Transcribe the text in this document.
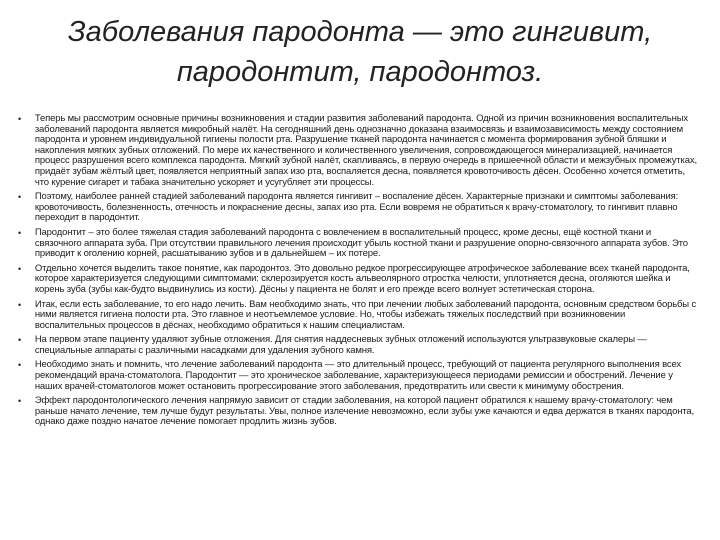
Заболевания пародонта — это гингивит, пародонтит, пародонтоз.
• Теперь мы рассмотрим основные причины возникновения и стадии развития заболеваний пародонта. Одной из причин возникновения воспалительных заболеваний пародонта является микробный налёт. На сегодняшний день однозначно доказана взаимосвязь и взаимозависимость между состоянием пародонта и уровнем индивидуальной гигиены полости рта. Разрушение тканей пародонта начинается с момента формирования зубной бляшки и накопления мягких зубных отложений. По мере их качественного и количественного увеличения, сопровождающегося минерализацией, начинается процесс разрушения всего комплекса пародонта. Мягкий зубной налёт, скапливаясь, в первую очередь в пришеечной области и межзубных промежутках, придаёт зубам жёлтый цвет, появляется неприятный запах изо рта, воспаляется десна, появляется кровоточивость дёсен. Особенно хочется отметить, что курение сигарет и табака значительно ускоряет и усугубляет эти процессы.
• Поэтому, наиболее ранней стадией заболеваний пародонта является гингивит – воспаление дёсен. Характерные признаки и симптомы заболевания: кровоточивость, болезненность, отечность и покраснение десны, запах изо рта. Если вовремя не обратиться к врачу-стоматологу, то гингивит плавно переходит в пародонтит.
• Пародонтит – это более тяжелая стадия заболеваний пародонта с вовлечением в воспалительный процесс, кроме десны, ещё костной ткани и связочного аппарата зуба. При отсутствии правильного лечения происходит убыль костной ткани и разрушение опорно-связочного аппарата зубов. Это приводит к оголению корней, расшатыванию зубов и в дальнейшем – их потере.
• Отдельно хочется выделить такое понятие, как пародонтоз. Это довольно редкое прогрессирующее атрофическое заболевание всех тканей пародонта, которое характеризуется следующими симптомами: склерозируется кость альвеолярного отростка челюсти, уплотняется десна, оголяются шейка и корень зуба (зубы как-будто выдвинулись из кости). Дёсны у пациента не болят и его прежде всего волнует эстетическая сторона.
• Итак, если есть заболевание, то его надо лечить. Вам необходимо знать, что при лечении любых заболеваний пародонта, основным средством борьбы с ними является гигиена полости рта. Это главное и неотъемлемое условие. Но, чтобы избежать тяжелых последствий при возникновении воспалительных процессов в дёснах, необходимо обратиться к нашим специалистам.
• На первом этапе пациенту удаляют зубные отложения. Для снятия наддесневых зубных отложений используются ультразвуковые скалеры — специальные аппараты с различными насадками для удаления зубного камня.
• Необходимо знать и помнить, что лечение заболеваний пародонта — это длительный процесс, требующий от пациента регулярного выполнения всех рекомендаций врача-стоматолога. Пародонтит — это хроническое заболевание, характеризующееся периодами ремиссии и обострений. Лечение у наших врачей-стоматологов может остановить прогрессирование этого заболевания, предотвратить или свести к минимуму обострения.
• Эффект пародонтологического лечения напрямую зависит от стадии заболевания, на которой пациент обратился к нашему врачу-стоматологу: чем раньше начато лечение, тем лучше будут результаты. Увы, полное излечение невозможно, если зубы уже качаются и едва держатся в тканях пародонта, однако даже поздно начатое лечение помогает продлить жизнь зубов.
